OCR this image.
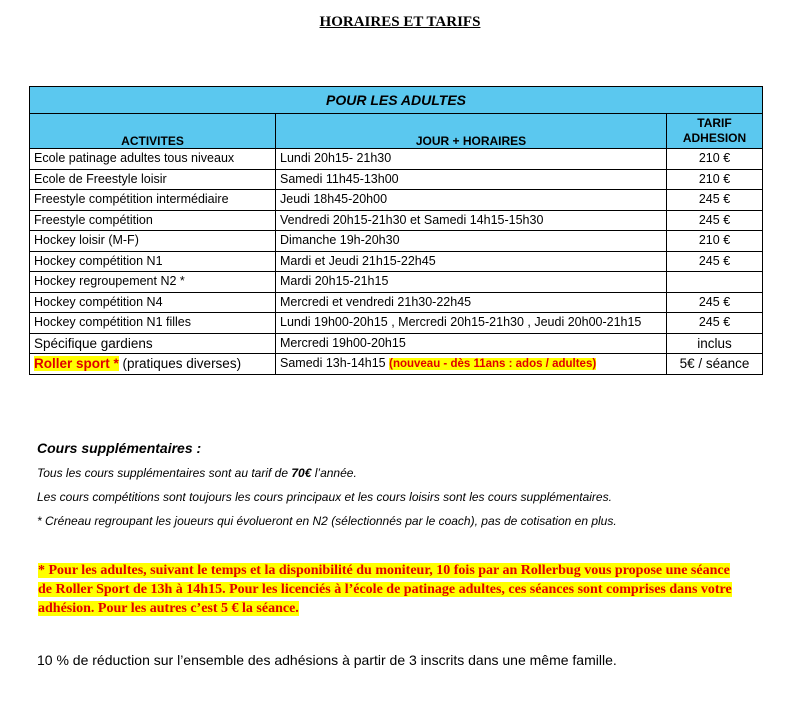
HORAIRES ET TARIFS
POUR LES ADULTES		
ACTIVITES	JOUR + HORAIRES	TARIF
ADHESION
Ecole patinage adultes tous niveaux	Lundi 20h15- 21h30	210 €
Ecole de Freestyle loisir	Samedi 11h45-13h00	210 €
Freestyle compétition intermédiaire	Jeudi 18h45-20h00	245 €
Freestyle compétition	Vendredi 20h15-21h30 et Samedi 14h15-15h30	245 €
Hockey loisir (M-F)	Dimanche 19h-20h30	210 €
Hockey compétition N1	Mardi et Jeudi 21h15-22h45	245 €
Hockey regroupement N2 *	Mardi 20h15-21h15	
Hockey compétition N4	Mercredi et vendredi 21h30-22h45	245 €
Hockey compétition N1 filles	Lundi 19h00-20h15 , Mercredi 20h15-21h30 , Jeudi 20h00-21h15	245 €
Spécifique gardiens	Mercredi 19h00-20h15	inclus
Roller sport * (pratiques diverses)	Samedi 13h-14h15 (nouveau - dès 11ans : ados / adultes)	5€ / séance
Cours supplémentaires :
Tous les cours supplémentaires sont au tarif de 70€ l’année.
Les cours compétitions sont toujours les cours principaux et les cours loisirs sont les cours supplémentaires.
* Créneau regroupant les joueurs qui évolueront en N2 (sélectionnés par le coach), pas de cotisation en plus.
* Pour les adultes, suivant le temps et la disponibilité du moniteur, 10 fois par an Rollerbug vous propose une séance de Roller Sport de 13h à 14h15. Pour les licenciés à l’école de patinage adultes, ces séances sont comprises dans votre adhésion. Pour les autres c’est 5 € la séance.
10 % de réduction sur l’ensemble des adhésions à partir de 3 inscrits dans une même famille.
